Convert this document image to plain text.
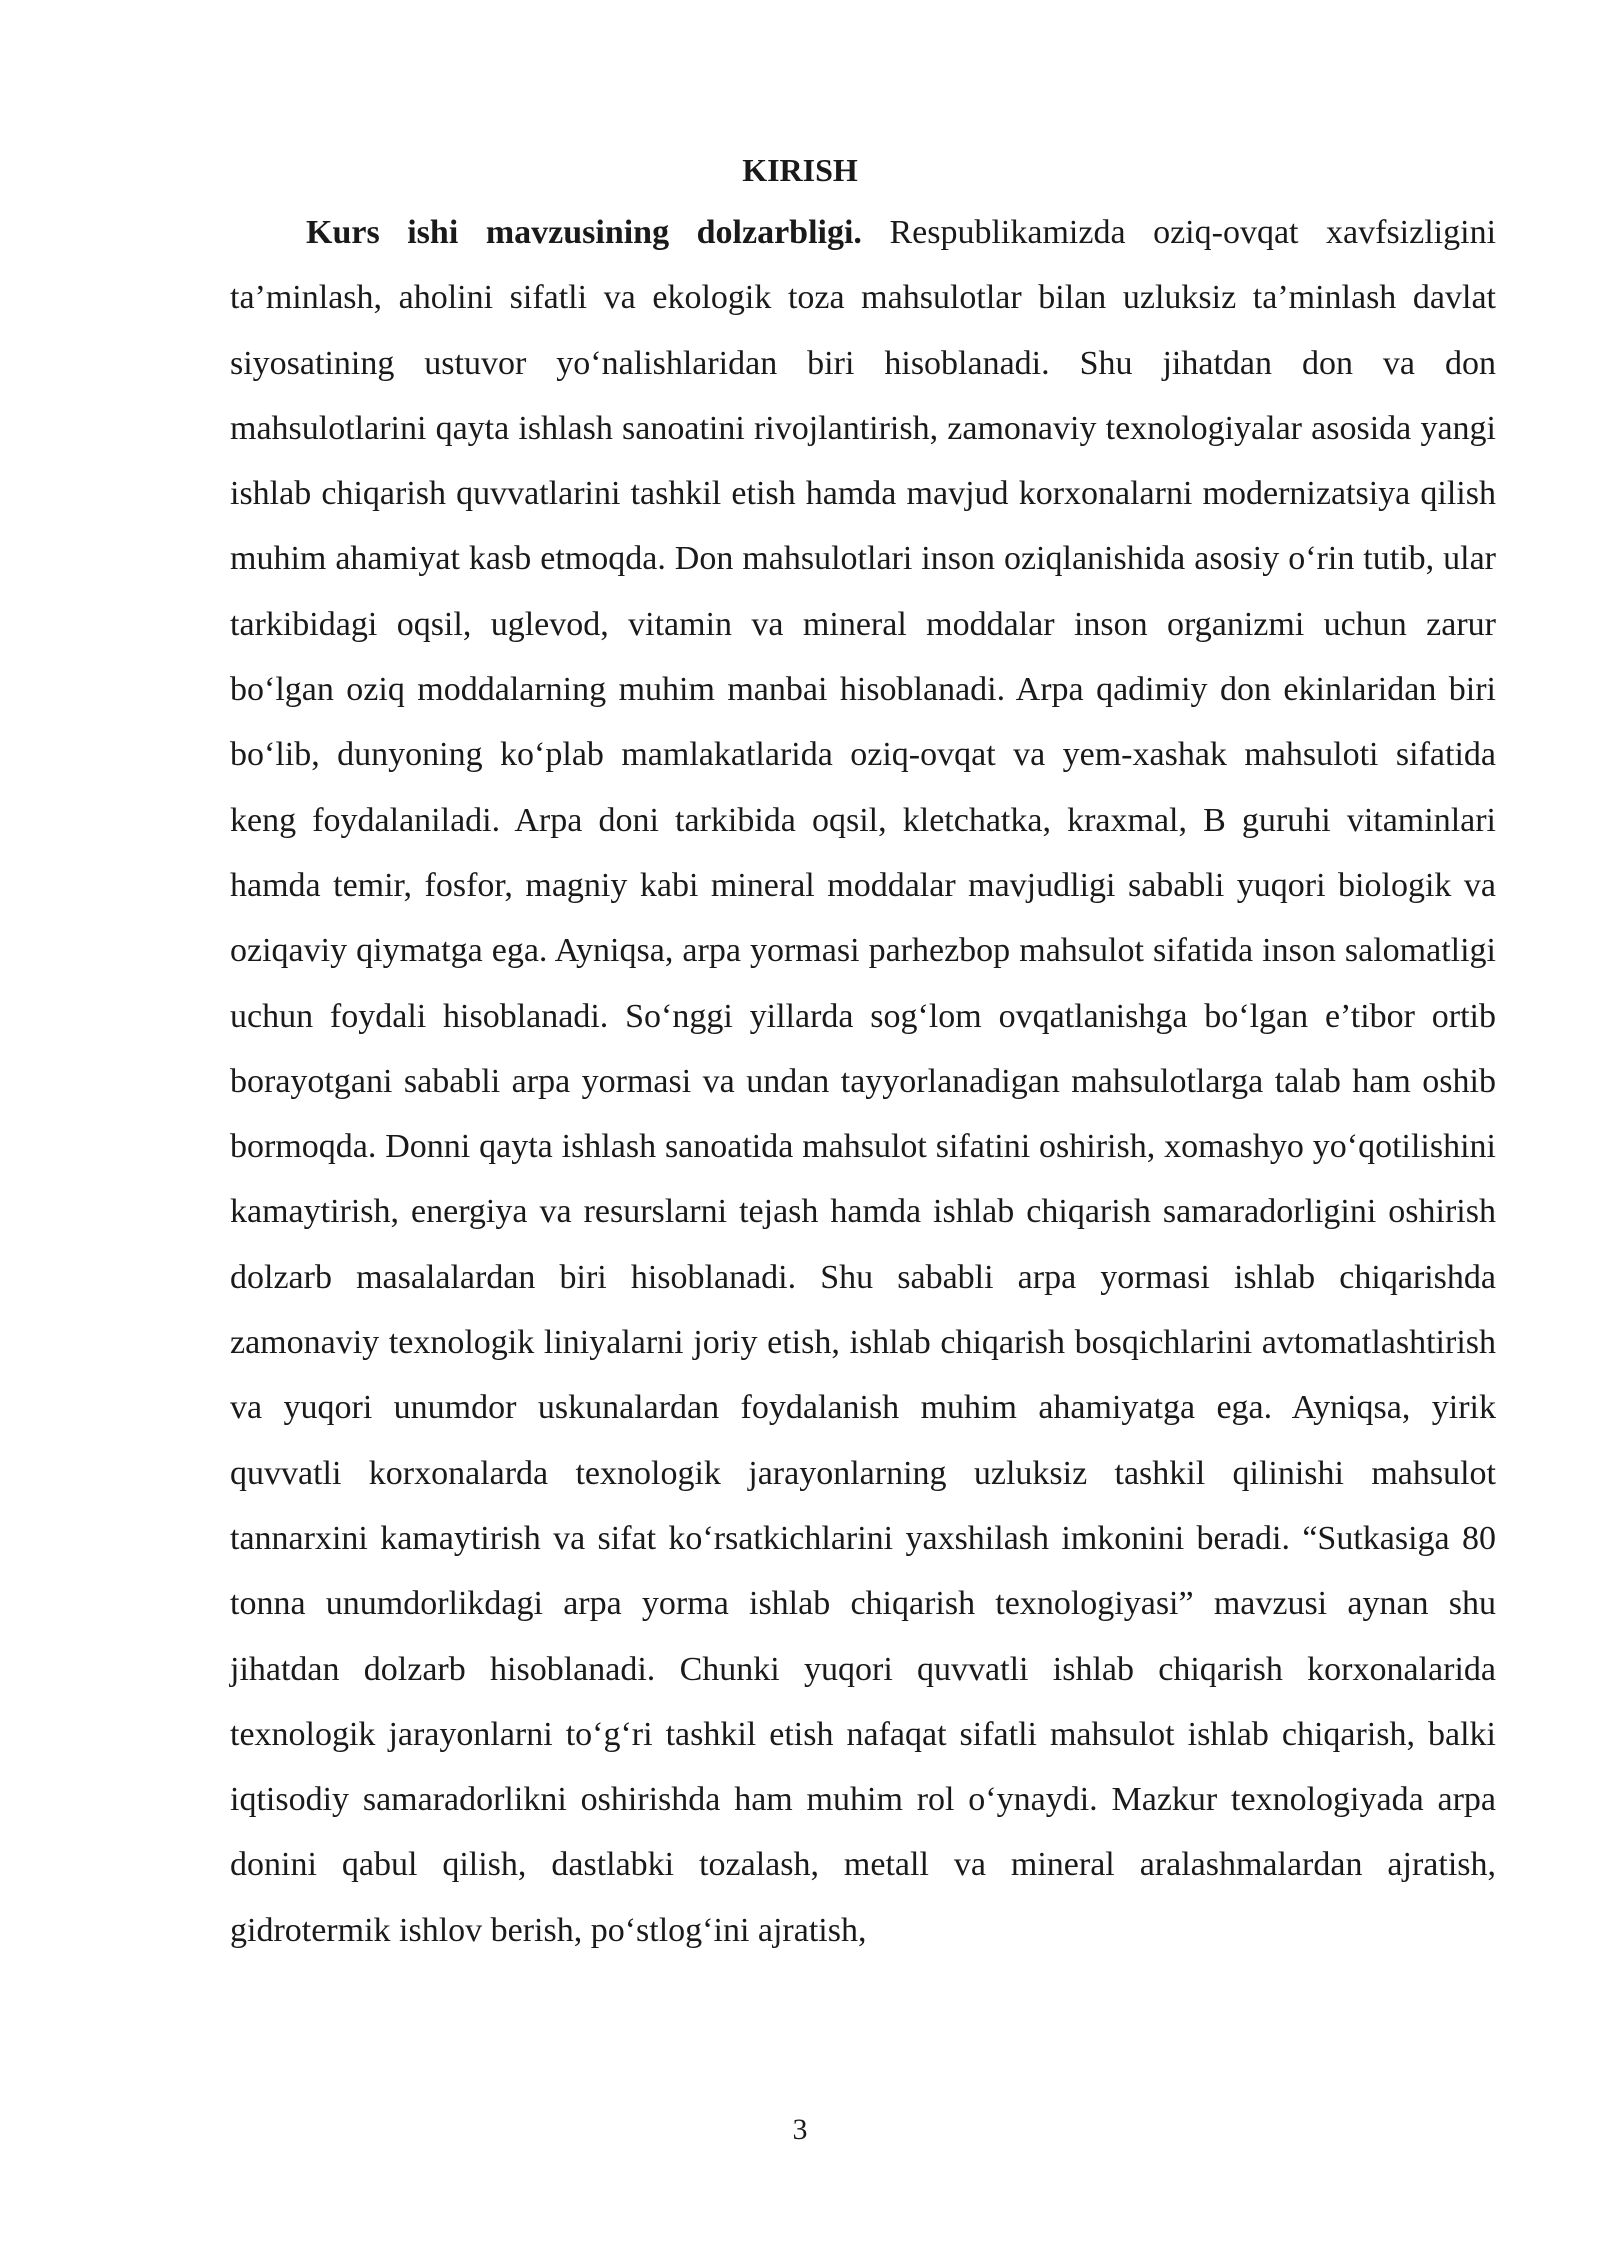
KIRISH

Kurs ishi mavzusining dolzarbligi. Respublikamizda oziq-ovqat xavfsizligini ta’minlash, aholini sifatli va ekologik toza mahsulotlar bilan uzluksiz ta’minlash davlat siyosatining ustuvor yo‘nalishlaridan biri hisoblanadi. Shu jihatdan don va don mahsulotlarini qayta ishlash sanoatini rivojlantirish, zamonaviy texnologiyalar asosida yangi ishlab chiqarish quvvatlarini tashkil etish hamda mavjud korxonalarni modernizatsiya qilish muhim ahamiyat kasb etmoqda. Don mahsulotlari inson oziqlanishida asosiy o‘rin tutib, ular tarkibidagi oqsil, uglevod, vitamin va mineral moddalar inson organizmi uchun zarur bo‘lgan oziq moddalarning muhim manbai hisoblanadi. Arpa qadimiy don ekinlaridan biri bo‘lib, dunyoning ko‘plab mamlakatlarida oziq-ovqat va yem-xashak mahsuloti sifatida keng foydalaniladi. Arpa doni tarkibida oqsil, kletchatka, kraxmal, B guruhi vitaminlari hamda temir, fosfor, magniy kabi mineral moddalar mavjudligi sababli yuqori biologik va oziqaviy qiymatga ega. Ayniqsa, arpa yormasi parhezbop mahsulot sifatida inson salomatligi uchun foydali hisoblanadi. So‘nggi yillarda sog‘lom ovqatlanishga bo‘lgan e’tibor ortib borayotgani sababli arpa yormasi va undan tayyorlanadigan mahsulotlarga talab ham oshib bormoqda. Donni qayta ishlash sanoatida mahsulot sifatini oshirish, xomashyo yo‘qotilishini kamaytirish, energiya va resurslarni tejash hamda ishlab chiqarish samaradorligini oshirish dolzarb masalalardan biri hisoblanadi. Shu sababli arpa yormasi ishlab chiqarishda zamonaviy texnologik liniyalarni joriy etish, ishlab chiqarish bosqichlarini avtomatlashtirish va yuqori unumdor uskunalardan foydalanish muhim ahamiyatga ega. Ayniqsa, yirik quvvatli korxonalarda texnologik jarayonlarning uzluksiz tashkil qilinishi mahsulot tannarxini kamaytirish va sifat ko‘rsatkichlarini yaxshilash imkonini beradi. “Sutkasiga 80 tonna unumdorlikdagi arpa yorma ishlab chiqarish texnologiyasi” mavzusi aynan shu jihatdan dolzarb hisoblanadi. Chunki yuqori quvvatli ishlab chiqarish korxonalarida texnologik jarayonlarni to‘g‘ri tashkil etish nafaqat sifatli mahsulot ishlab chiqarish, balki iqtisodiy samaradorlikni oshirishda ham muhim rol o‘ynaydi. Mazkur texnologiyada arpa donini qabul qilish, dastlabki tozalash, metall va mineral aralashmalardan ajratish, gidrotermik ishlov berish, po‘stlog‘ini ajratish,

3
